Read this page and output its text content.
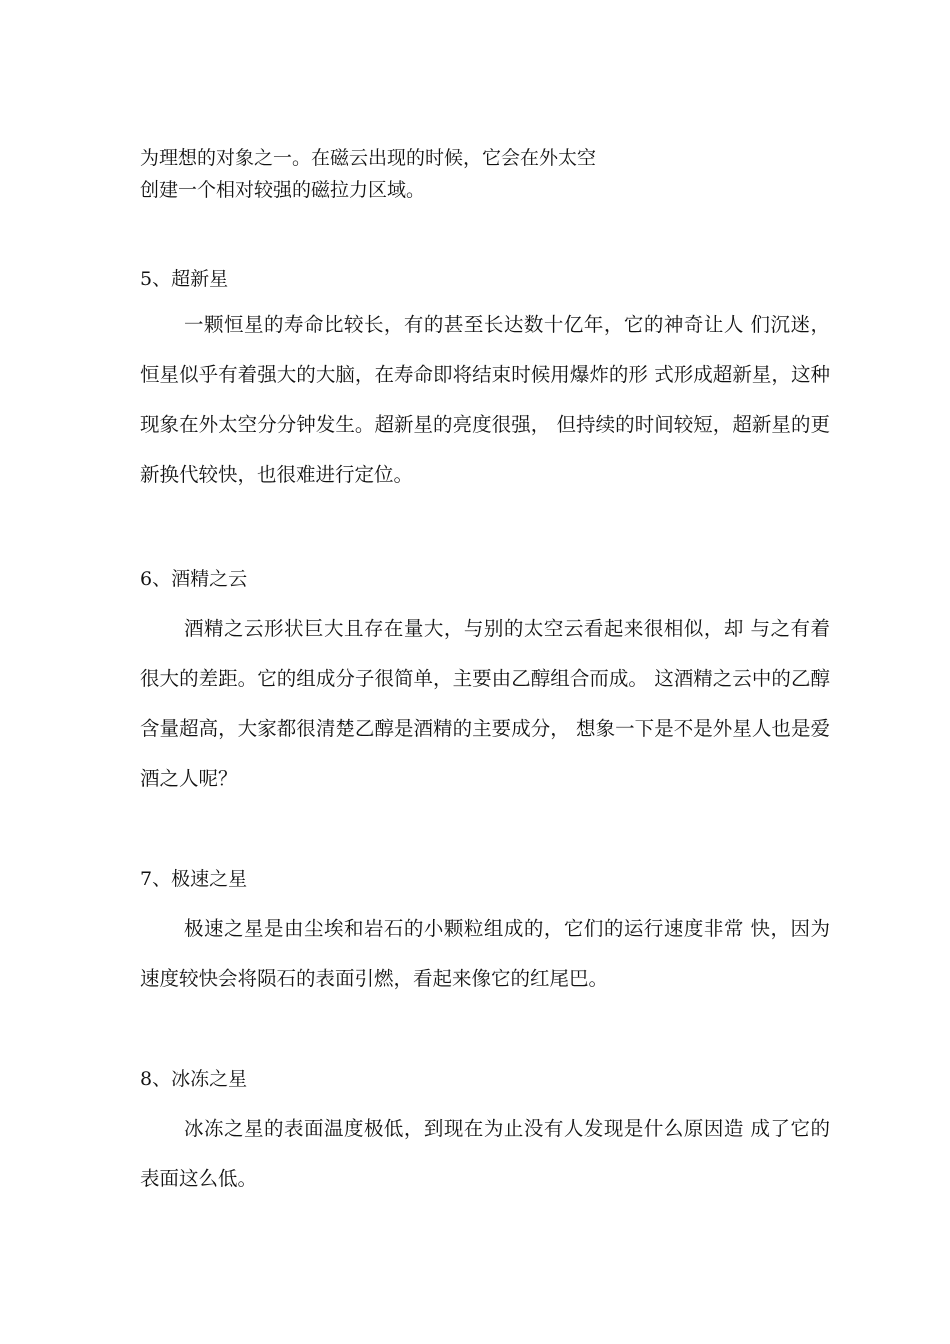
为理想的对象之一。在磁云出现的时候，它会在外太空
创建一个相对较强的磁拉力区域。
5、超新星
一颗恒星的寿命比较长，有的甚至长达数十亿年，它的神奇让人 们沉迷，恒星似乎有着强大的大脑，在寿命即将结束时候用爆炸的形 式形成超新星，这种现象在外太空分分钟发生。超新星的亮度很强， 但持续的时间较短，超新星的更新换代较快，也很难进行定位。
6、酒精之云
酒精之云形状巨大且存在量大，与别的太空云看起来很相似，却 与之有着很大的差距。它的组成分子很简单，主要由乙醇组合而成。 这酒精之云中的乙醇含量超高，大家都很清楚乙醇是酒精的主要成分， 想象一下是不是外星人也是爱酒之人呢？
7、极速之星
极速之星是由尘埃和岩石的小颗粒组成的，它们的运行速度非常 快，因为速度较快会将陨石的表面引燃，看起来像它的红尾巴。
8、冰冻之星
冰冻之星的表面温度极低，到现在为止没有人发现是什么原因造 成了它的表面这么低。
